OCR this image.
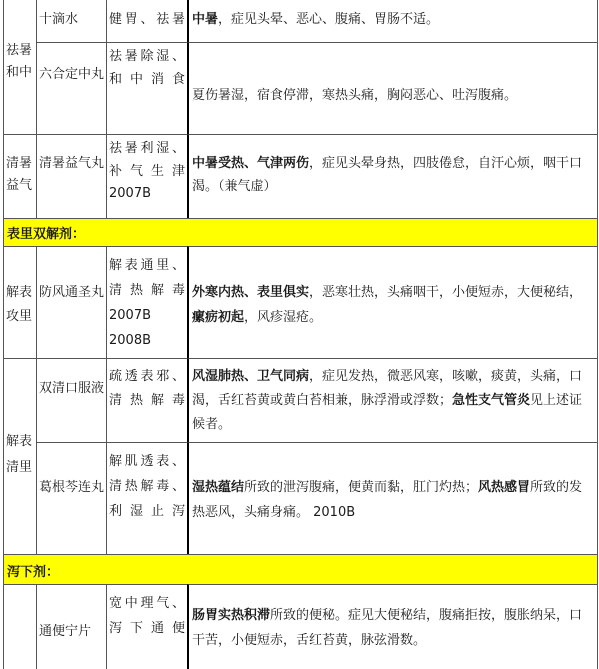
十滴水	健胃、祛暑 中暑，症见头晕、恶心、腹痛、胃肠不适。
祛暑和中 六合定中丸
祛暑除湿、和中消食
夏伤暑湿，宿食停滞，寒热头痛，胸闷恶心、吐泻腹痛。
清暑益气
清暑益气丸
祛暑利湿、补气生津2007B
中暑受热、气津两伤，症见头晕身热，四肢倦怠，自汗心烦，咽干口渴。（兼气虚）
表里双解剂：
解表攻里
防风通圣丸
解表通里、清热解毒2007B 2008B
外寒内热、表里俱实，恶寒壮热，头痛咽干，小便短赤，大便秘结，瘰疬初起，风疹湿疮。
解表清里
双清口服液
疏透表邪、清热解毒
风湿肺热、卫气同病，症见发热，微恶风寒，咳嗽，痰黄，头痛，口渴，舌红苔黄或黄白苔相兼，脉浮滑或浮数；急性支气管炎见上述证候者。
葛根芩连丸
解肌透表、清热解毒、利湿止泻
湿热蕴结所致的泄泻腹痛，便黄而黏，肛门灼热；风热感冒所致的发热恶风，头痛身痛。 2010B
泻下剂：
通便宁片
宽中理气、泻下通便
肠胃实热积滞所致的便秘。症见大便秘结，腹痛拒按，腹胀纳呆，口干苦，小便短赤，舌红苔黄，脉弦滑数。
